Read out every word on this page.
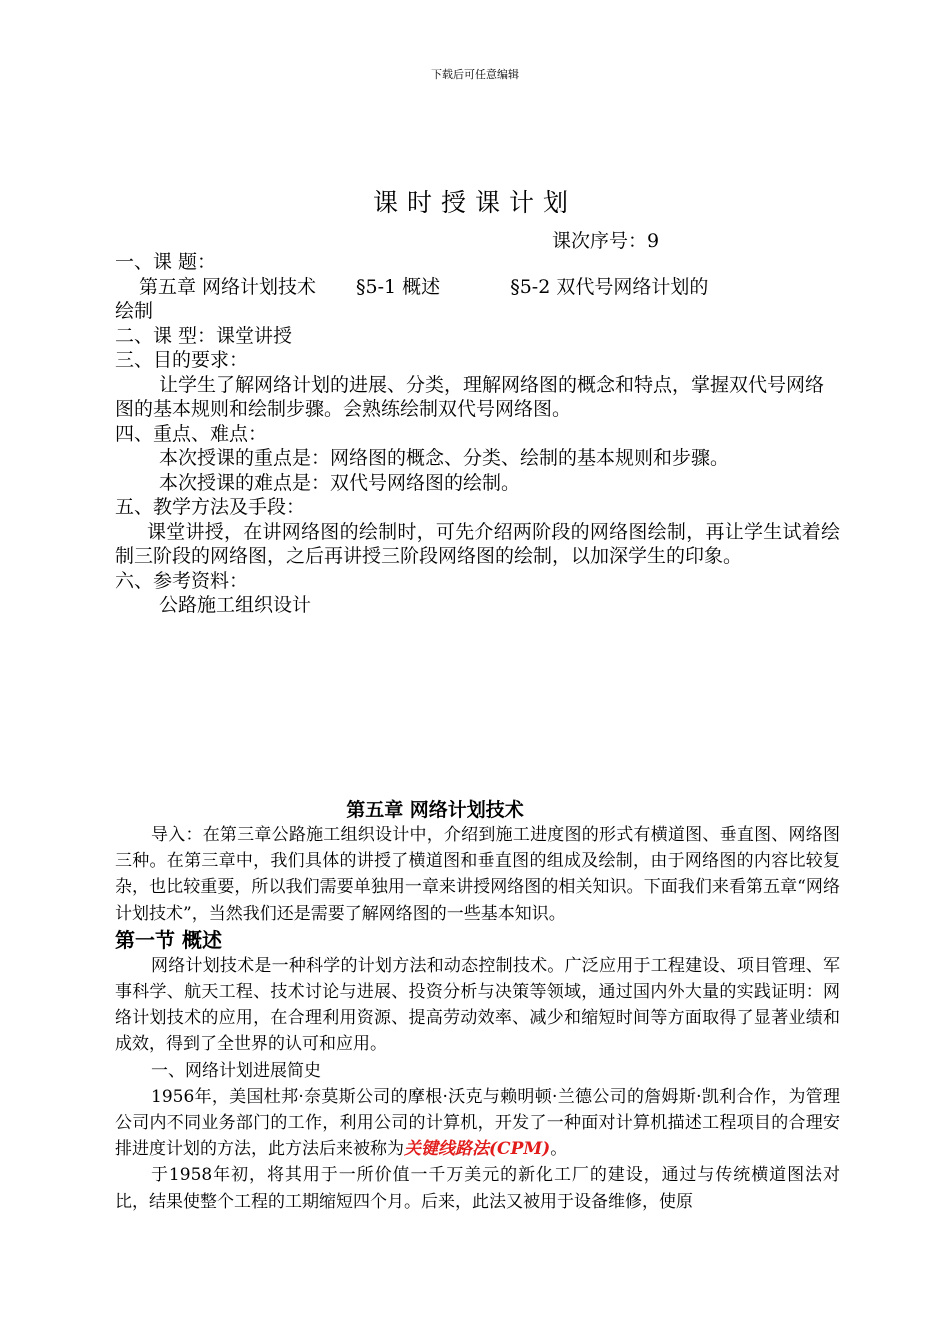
下载后可任意编辑
课时授课计划
课次序号：9

一、课 题：

第五章 网络计划技术 §5-1 概述	§5-2 双代号网络计划的

绘制

二、课 型：课堂讲授

三、目的要求：

让学生了解网络计划的进展、分类，理解网络图的概念和特点，掌握双代号网络图的基本规则和绘制步骤。会熟练绘制双代号网络图。

四、重点、难点：

本次授课的重点是：网络图的概念、分类、绘制的基本规则和步骤。

本次授课的难点是：双代号网络图的绘制。

五、教学方法及手段：

课堂讲授，在讲网络图的绘制时，可先介绍两阶段的网络图绘制，再让学生试着绘制三阶段的网络图，之后再讲授三阶段网络图的绘制，以加深学生的印象。

六、参考资料：

公路施工组织设计

第五章 网络计划技术

导入：在第三章公路施工组织设计中，介绍到施工进度图的形式有横道图、垂直图、网络图三种。在第三章中，我们具体的讲授了横道图和垂直图的组成及绘制，由于网络图的内容比较复杂，也比较重要，所以我们需要单独用一章来讲授网络图的相关知识。下面我们来看第五章“网络计划技术”，当然我们还是需要了解网络图的一些基本知识。

第一节 概述

网络计划技术是一种科学的计划方法和动态控制技术。广泛应用于工程建设、项目管理、军事科学、航天工程、技术讨论与进展、投资分析与决策等领域，通过国内外大量的实践证明：网络计划技术的应用，在合理利用资源、提高劳动效率、减少和缩短时间等方面取得了显著业绩和成效，得到了全世界的认可和应用。

一、网络计划进展简史

1956年，美国杜邦·奈莫斯公司的摩根·沃克与赖明顿·兰德公司的詹姆斯·凯利合作，为管理公司内不同业务部门的工作，利用公司的计算机，开发了一种面对计算机描述工程项目的合理安排进度计划的方法，此方法后来被称为关键线路法(CPM)。

于1958年初，将其用于一所价值一千万美元的新化工厂的建设，通过与传统横道图法对比，结果使整个工程的工期缩短四个月。后来，此法又被用于设备维修，使原
